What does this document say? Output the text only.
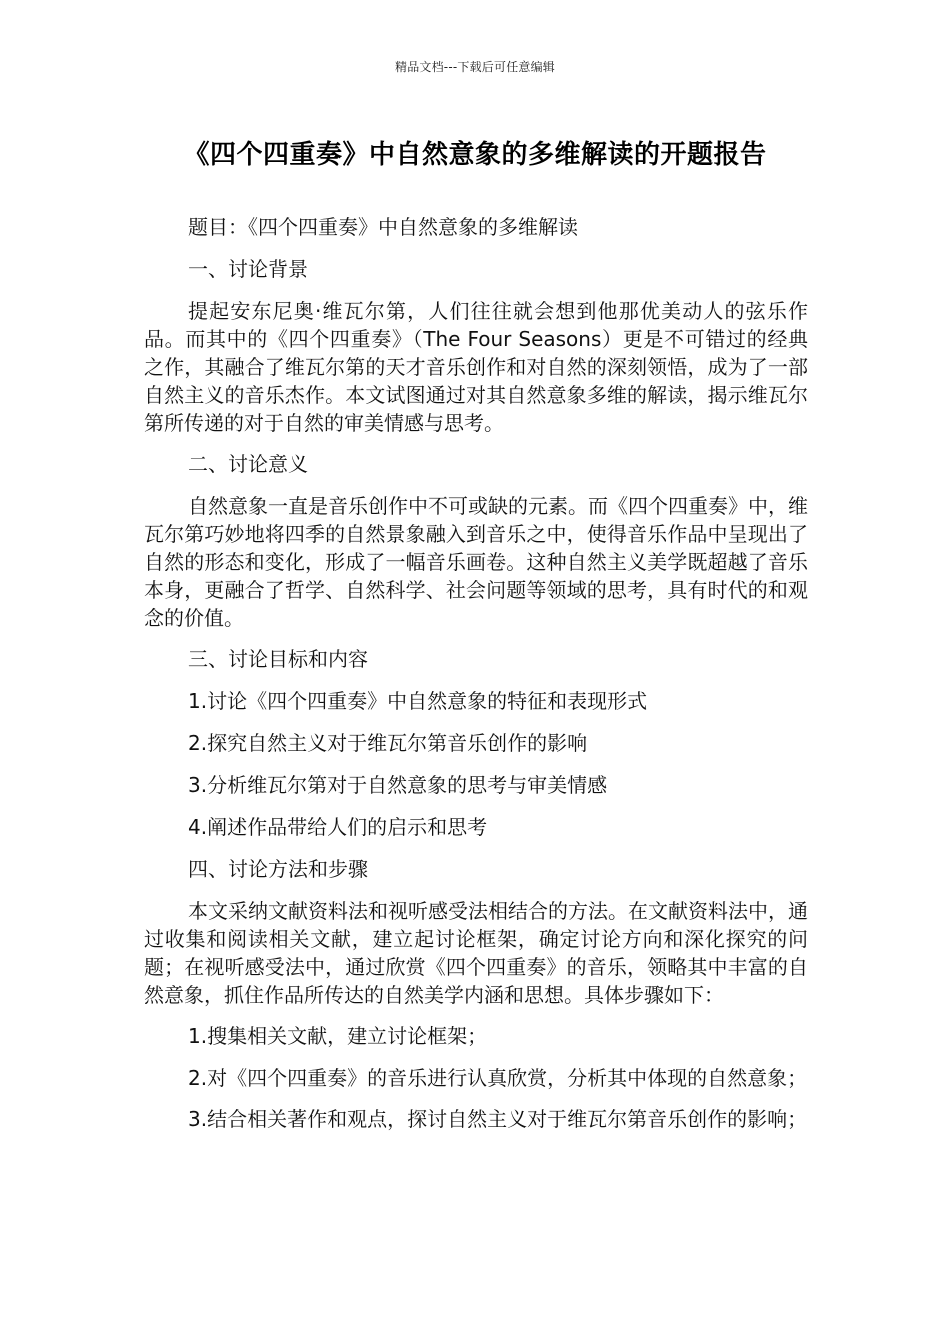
精品文档---下载后可任意编辑
《四个四重奏》中自然意象的多维解读的开题报告

题目：《四个四重奏》中自然意象的多维解读

一、讨论背景

提起安东尼奥·维瓦尔第，人们往往就会想到他那优美动人的弦乐作品。而其中的《四个四重奏》（The Four Seasons）更是不可错过的经典之作，其融合了维瓦尔第的天才音乐创作和对自然的深刻领悟，成为了一部自然主义的音乐杰作。本文试图通过对其自然意象多维的解读，揭示维瓦尔第所传递的对于自然的审美情感与思考。

二、讨论意义

自然意象一直是音乐创作中不可或缺的元素。而《四个四重奏》中，维瓦尔第巧妙地将四季的自然景象融入到音乐之中，使得音乐作品中呈现出了自然的形态和变化，形成了一幅音乐画卷。这种自然主义美学既超越了音乐本身，更融合了哲学、自然科学、社会问题等领域的思考，具有时代的和观念的价值。

三、讨论目标和内容

1.讨论《四个四重奏》中自然意象的特征和表现形式

2.探究自然主义对于维瓦尔第音乐创作的影响

3.分析维瓦尔第对于自然意象的思考与审美情感

4.阐述作品带给人们的启示和思考

四、讨论方法和步骤

本文采纳文献资料法和视听感受法相结合的方法。在文献资料法中，通过收集和阅读相关文献，建立起讨论框架，确定讨论方向和深化探究的问题；在视听感受法中，通过欣赏《四个四重奏》的音乐，领略其中丰富的自然意象，抓住作品所传达的自然美学内涵和思想。具体步骤如下：

1.搜集相关文献，建立讨论框架；

2.对《四个四重奏》的音乐进行认真欣赏，分析其中体现的自然意象；

3.结合相关著作和观点，探讨自然主义对于维瓦尔第音乐创作的影响；
